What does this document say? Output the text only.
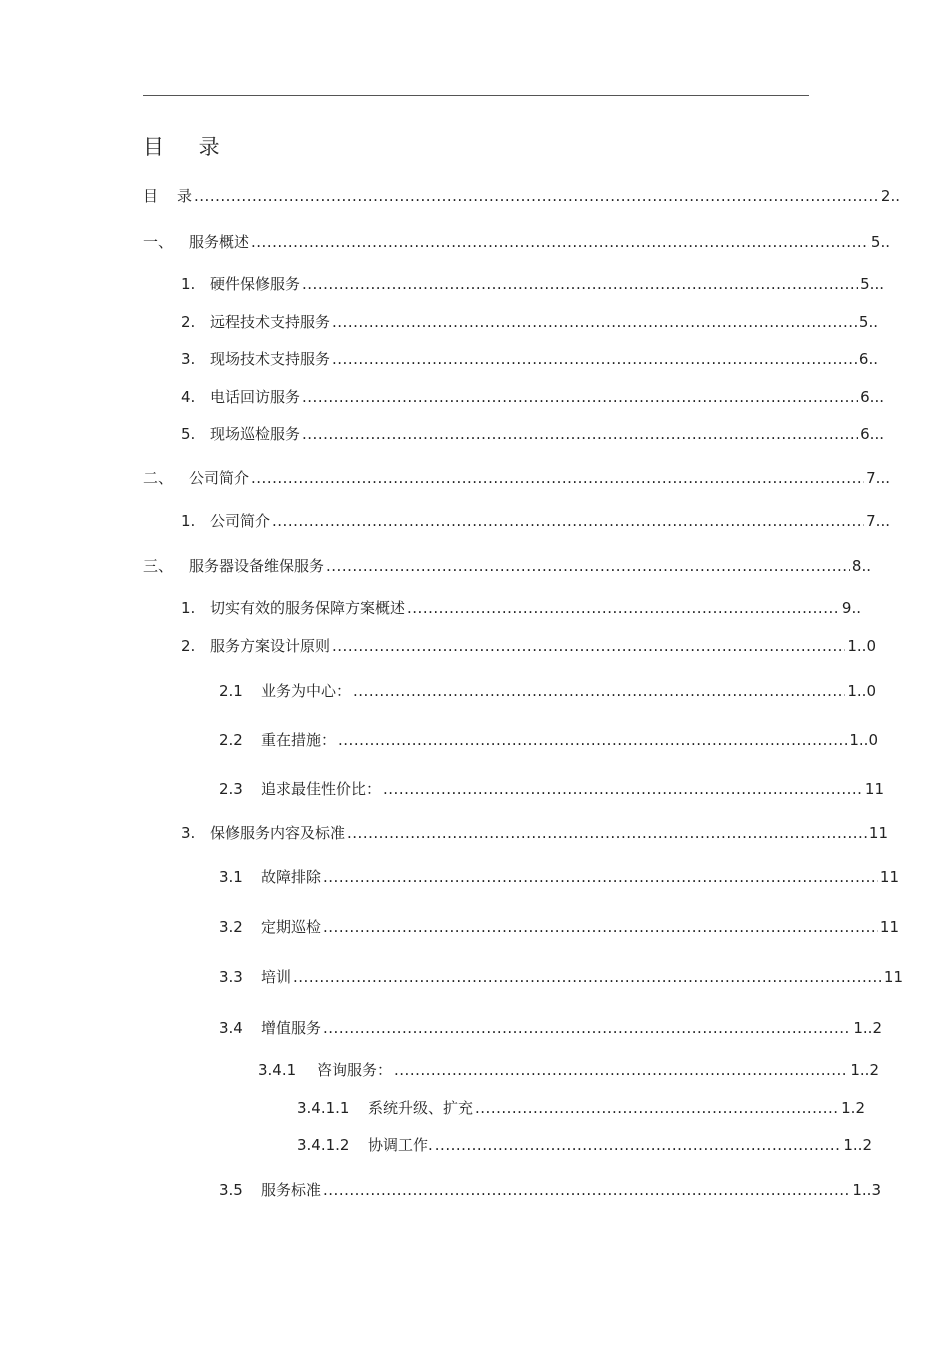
目 录
目	录 .....	2..
一、	服务概述 .....	5..
1. 硬件保修服务 .....	5...
2. 远程技术支持服务 .....	5..
3. 现场技术支持服务 .....	6..
4. 电话回访服务 .....	6...
5. 现场巡检服务 .....	6...
二、	公司简介 .....	7...
1. 公司简介 .....	7...
三、	服务器设备维保服务 .....	8..
1. 切实有效的服务保障方案概述 .....	9..
2. 服务方案设计原则 .....	1..0
2.1	业务为中心： .....	1..0
2.2	重在措施： .....	1..0
2.3	追求最佳性价比： .....	11
3. 保修服务内容及标准 .....	11
3.1	故障排除 .....	11
3.2	定期巡检 .....	11
3.3	培训 .....	11
3.4	增值服务 .....	1..2
3.4.1	咨询服务： .....	1..2
3.4.1.1	系统升级、扩充 .....	1.2
3.4.1.2	协调工作. .....	1..2
3.5	服务标准 .....	1..3
